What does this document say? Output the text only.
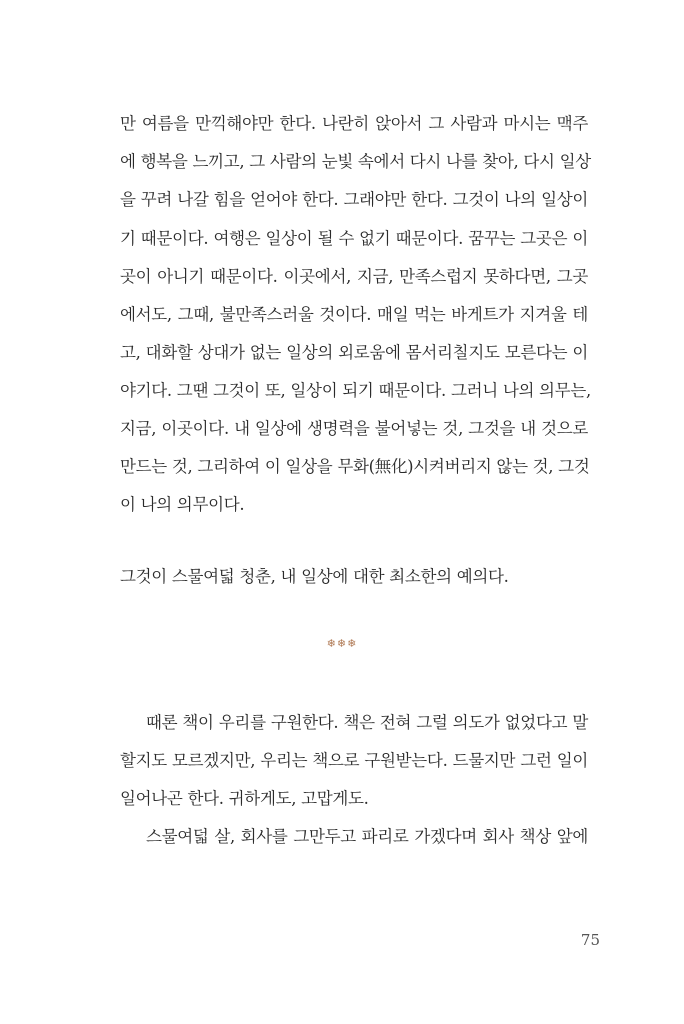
만 여름을 만끽해야만 한다. 나란히 앉아서 그 사람과 마시는 맥주
에 행복을 느끼고, 그 사람의 눈빛 속에서 다시 나를 찾아, 다시 일상
을 꾸려 나갈 힘을 얻어야 한다. 그래야만 한다. 그것이 나의 일상이
기 때문이다. 여행은 일상이 될 수 없기 때문이다. 꿈꾸는 그곳은 이
곳이 아니기 때문이다. 이곳에서, 지금, 만족스럽지 못하다면, 그곳
에서도, 그때, 불만족스러울 것이다. 매일 먹는 바게트가 지겨울 테
고, 대화할 상대가 없는 일상의 외로움에 몸서리칠지도 모른다는 이
야기다. 그땐 그것이 또, 일상이 되기 때문이다. 그러니 나의 의무는,
지금, 이곳이다. 내 일상에 생명력을 불어넣는 것, 그것을 내 것으로
만드는 것, 그리하여 이 일상을 무화(無化)시켜버리지 않는 것, 그것
이 나의 의무이다.
그것이 스물여덟 청춘, 내 일상에 대한 최소한의 예의다.
❄❄❄
때론 책이 우리를 구원한다. 책은 전혀 그럴 의도가 없었다고 말
할지도 모르겠지만, 우리는 책으로 구원받는다. 드물지만 그런 일이
일어나곤 한다. 귀하게도, 고맙게도.
스물여덟 살, 회사를 그만두고 파리로 가겠다며 회사 책상 앞에
75
